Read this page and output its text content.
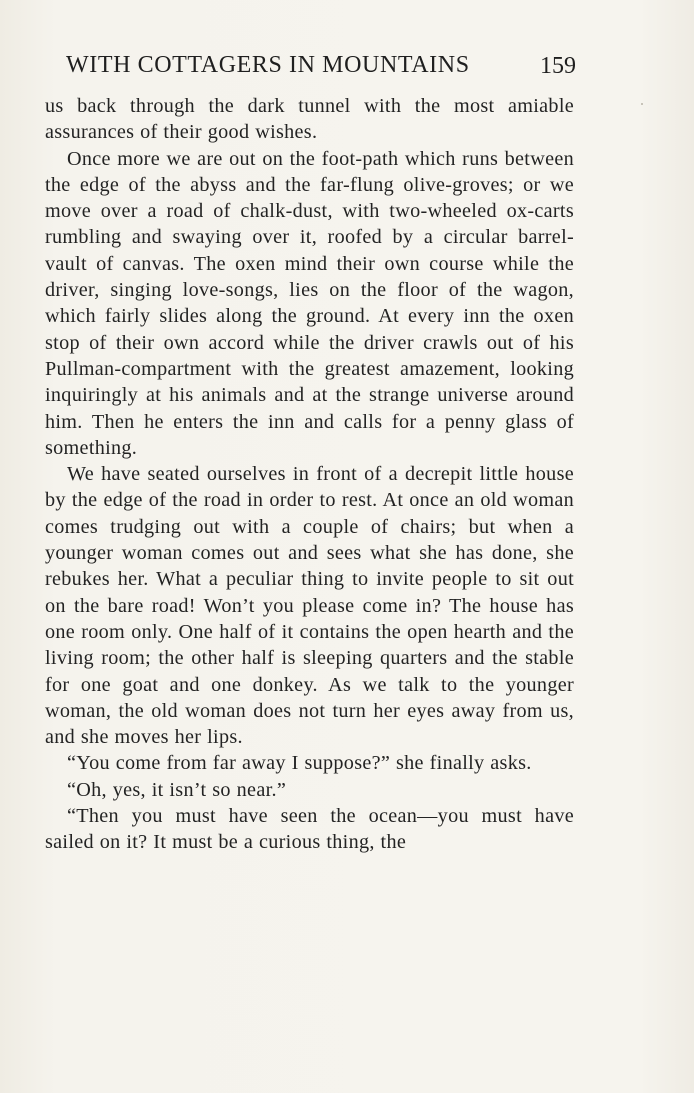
WITH COTTAGERS IN MOUNTAINS	159

us back through the dark tunnel with the most amiable assurances of their good wishes.

Once more we are out on the foot-path which runs between the edge of the abyss and the far-flung olive-groves; or we move over a road of chalk-dust, with two-wheeled ox-carts rumbling and swaying over it, roofed by a circular barrel-vault of canvas. The oxen mind their own course while the driver, singing love-songs, lies on the floor of the wagon, which fairly slides along the ground. At every inn the oxen stop of their own accord while the driver crawls out of his Pullman-compartment with the greatest amazement, looking inquiringly at his animals and at the strange universe around him. Then he enters the inn and calls for a penny glass of something.

We have seated ourselves in front of a decrepit little house by the edge of the road in order to rest. At once an old woman comes trudging out with a couple of chairs; but when a younger woman comes out and sees what she has done, she rebukes her. What a peculiar thing to invite people to sit out on the bare road! Won’t you please come in? The house has one room only. One half of it contains the open hearth and the living room; the other half is sleeping quarters and the stable for one goat and one donkey. As we talk to the younger woman, the old woman does not turn her eyes away from us, and she moves her lips.

“You come from far away I suppose?” she finally asks.

“Oh, yes, it isn’t so near.”

“Then you must have seen the ocean—you must have sailed on it? It must be a curious thing, the
